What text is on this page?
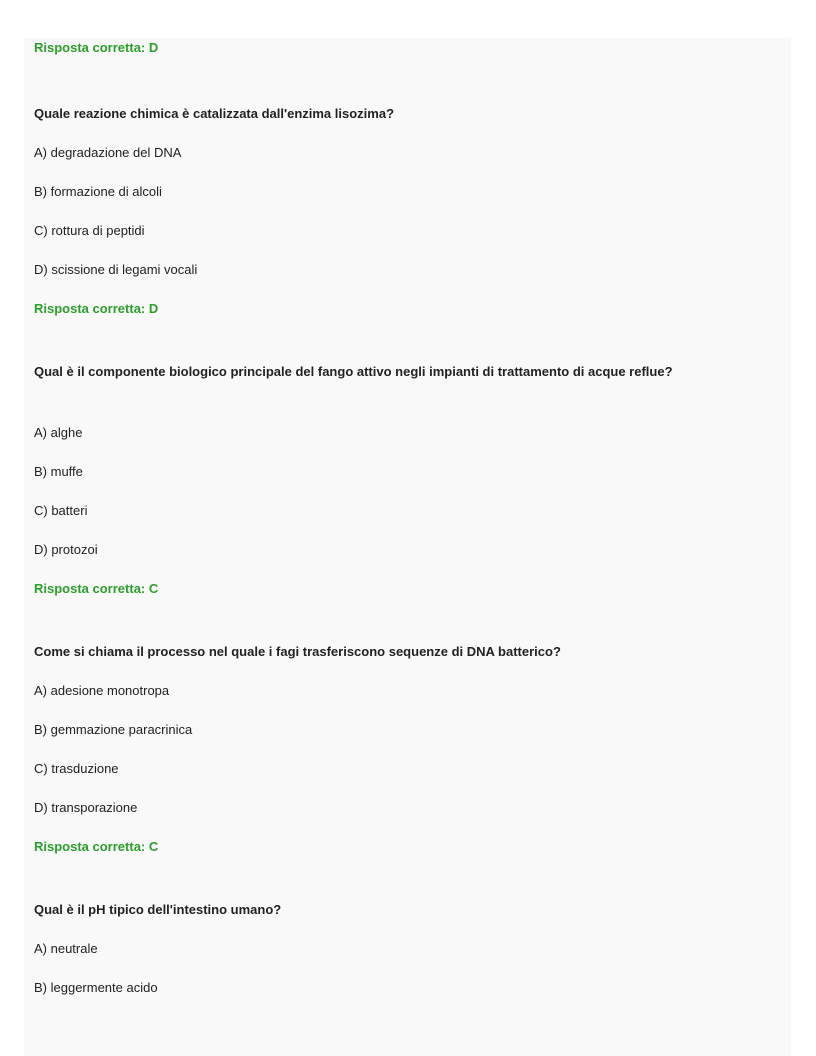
Risposta corretta: D
Quale reazione chimica è catalizzata dall'enzima lisozima?
A) degradazione del DNA
B) formazione di alcoli
C) rottura di peptidi
D) scissione di legami vocali
Risposta corretta: D
Qual è il componente biologico principale del fango attivo negli impianti di trattamento di acque reflue?
A) alghe
B) muffe
C) batteri
D) protozoi
Risposta corretta: C
Come si chiama il processo nel quale i fagi trasferiscono sequenze di DNA batterico?
A) adesione monotropa
B) gemmazione paracrinica
C) trasduzione
D) transporazione
Risposta corretta: C
Qual è il pH tipico dell'intestino umano?
A) neutrale
B) leggermente acido
